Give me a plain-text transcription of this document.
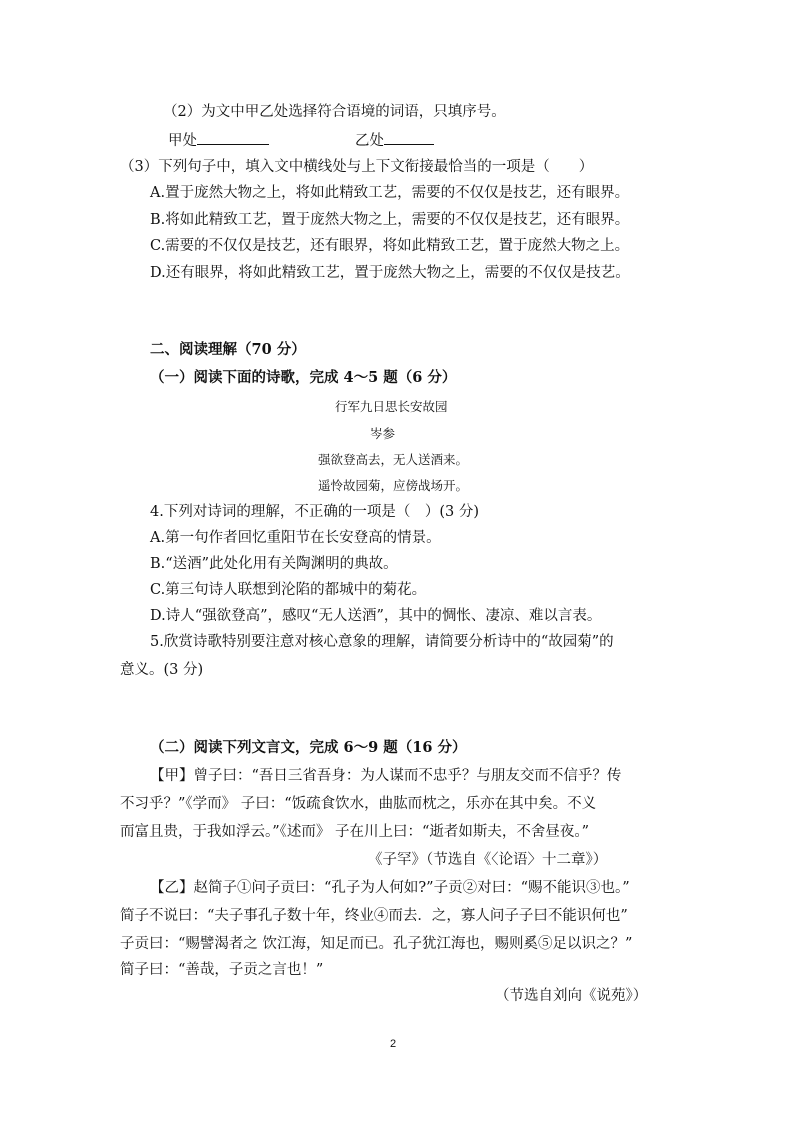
（2）为文中甲乙处选择符合语境的词语，只填序号。
甲处	乙处
（3）下列句子中，填入文中横线处与上下文衔接最恰当的一项是（　　）
A.置于庞然大物之上，将如此精致工艺，需要的不仅仅是技艺，还有眼界。
B.将如此精致工艺，置于庞然大物之上，需要的不仅仅是技艺，还有眼界。
C.需要的不仅仅是技艺，还有眼界，将如此精致工艺，置于庞然大物之上。
D.还有眼界，将如此精致工艺，置于庞然大物之上，需要的不仅仅是技艺。
二、阅读理解（70 分）
（一）阅读下面的诗歌，完成 4～5 题（6 分）
行军九日思长安故园
岑参
强欲登高去，无人送酒来。
遥怜故园菊，应傍战场开。
4.下列对诗词的理解，不正确的一项是（　）(3 分)
A.第一句作者回忆重阳节在长安登高的情景。
B.“送酒”此处化用有关陶渊明的典故。
C.第三句诗人联想到沦陷的都城中的菊花。
D.诗人“强欲登高”，感叹“无人送酒”，其中的惆怅、凄凉、难以言表。
5.欣赏诗歌特别要注意对核心意象的理解，请简要分析诗中的“故园菊”的
意义。(3 分)
（二）阅读下列文言文，完成 6～9 题（16 分）
【甲】曾子曰：“吾日三省吾身：为人谋而不忠乎？与朋友交而不信乎？传
不习乎？”《学而》 子曰：“饭疏食饮水，曲肱而枕之，乐亦在其中矣。不义
而富且贵，于我如浮云。”《述而》 子在川上曰：“逝者如斯夫，不舍昼夜。”
《子罕》（节选自《〈论语〉十二章》）
【乙】赵简子①问子贡曰：“孔子为人何如?”子贡②对曰：“赐不能识③也。”
简子不说曰：“夫子事孔子数十年，终业④而去．之，寡人问子子曰不能识何也”
子贡曰：“赐譬渴者之 饮江海，知足而已。孔子犹江海也，赐则奚⑤足以识之？”
简子曰：“善哉，子贡之言也！”
（节选自刘向《说苑》）
2
